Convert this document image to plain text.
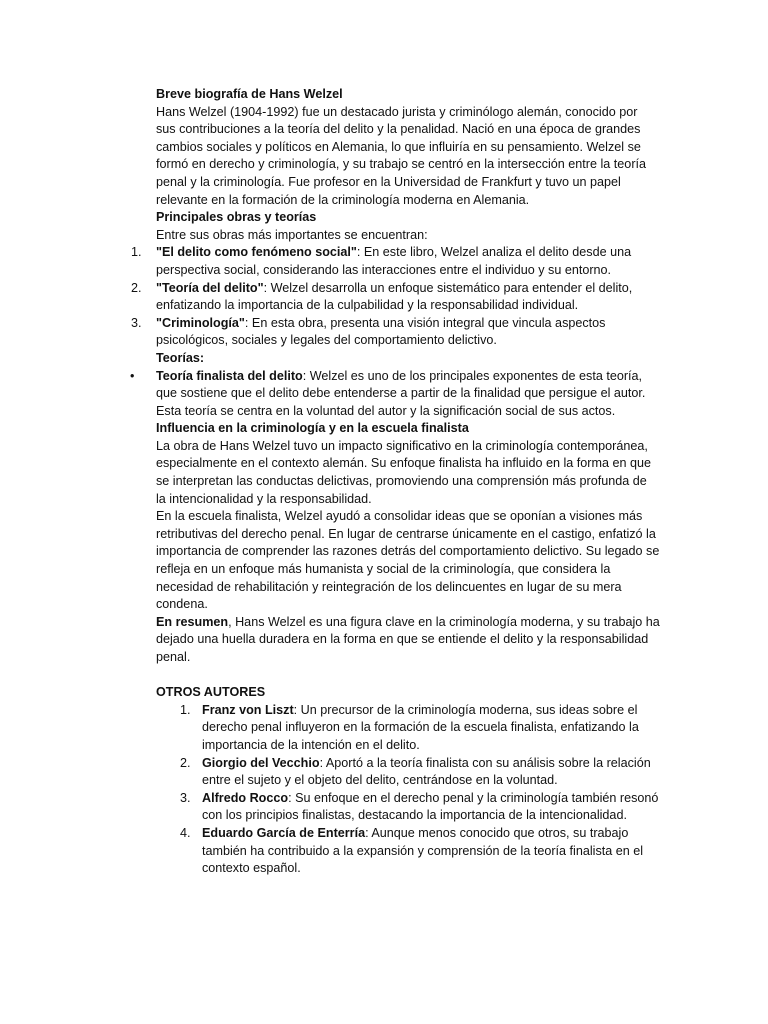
Breve biografía de Hans Welzel

Hans Welzel (1904-1992) fue un destacado jurista y criminólogo alemán, conocido por sus contribuciones a la teoría del delito y la penalidad. Nació en una época de grandes cambios sociales y políticos en Alemania, lo que influiría en su pensamiento. Welzel se formó en derecho y criminología, y su trabajo se centró en la intersección entre la teoría penal y la criminología. Fue profesor en la Universidad de Frankfurt y tuvo un papel relevante en la formación de la criminología moderna en Alemania.

Principales obras y teorías

Entre sus obras más importantes se encuentran:

1. "El delito como fenómeno social": En este libro, Welzel analiza el delito desde una perspectiva social, considerando las interacciones entre el individuo y su entorno.
2. "Teoría del delito": Welzel desarrolla un enfoque sistemático para entender el delito, enfatizando la importancia de la culpabilidad y la responsabilidad individual.
3. "Criminología": En esta obra, presenta una visión integral que vincula aspectos psicológicos, sociales y legales del comportamiento delictivo.

Teorías:

• Teoría finalista del delito: Welzel es uno de los principales exponentes de esta teoría, que sostiene que el delito debe entenderse a partir de la finalidad que persigue el autor. Esta teoría se centra en la voluntad del autor y la significación social de sus actos.

Influencia en la criminología y en la escuela finalista

La obra de Hans Welzel tuvo un impacto significativo en la criminología contemporánea, especialmente en el contexto alemán. Su enfoque finalista ha influido en la forma en que se interpretan las conductas delictivas, promoviendo una comprensión más profunda de la intencionalidad y la responsabilidad.

En la escuela finalista, Welzel ayudó a consolidar ideas que se oponían a visiones más retributivas del derecho penal. En lugar de centrarse únicamente en el castigo, enfatizó la importancia de comprender las razones detrás del comportamiento delictivo. Su legado se refleja en un enfoque más humanista y social de la criminología, que considera la necesidad de rehabilitación y reintegración de los delincuentes en lugar de su mera condena.

En resumen, Hans Welzel es una figura clave en la criminología moderna, y su trabajo ha dejado una huella duradera en la forma en que se entiende el delito y la responsabilidad penal.

OTROS AUTORES

1. Franz von Liszt: Un precursor de la criminología moderna, sus ideas sobre el derecho penal influyeron en la formación de la escuela finalista, enfatizando la importancia de la intención en el delito.
2. Giorgio del Vecchio: Aportó a la teoría finalista con su análisis sobre la relación entre el sujeto y el objeto del delito, centrándose en la voluntad.
3. Alfredo Rocco: Su enfoque en el derecho penal y la criminología también resonó con los principios finalistas, destacando la importancia de la intencionalidad.
4. Eduardo García de Enterría: Aunque menos conocido que otros, su trabajo también ha contribuido a la expansión y comprensión de la teoría finalista en el contexto español.
